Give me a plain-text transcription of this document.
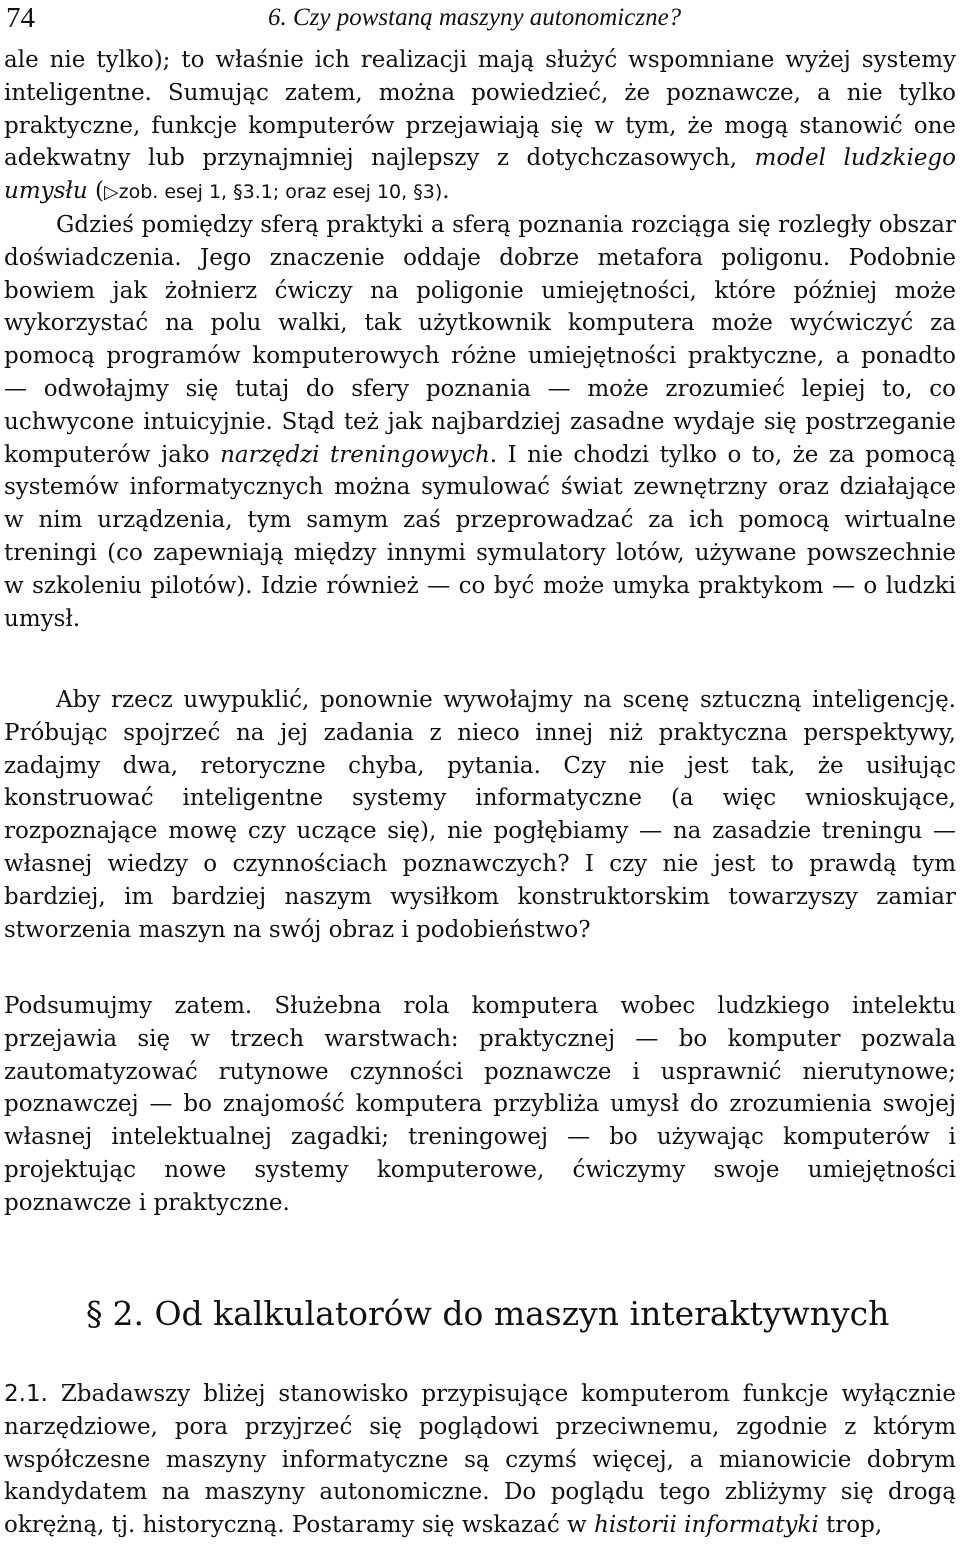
74	6. Czy powstaną maszyny autonomiczne?

ale nie tylko); to właśnie ich realizacji mają służyć wspomniane wyżej systemy inteligentne. Sumując zatem, można powiedzieć, że poznawcze, a nie tylko praktyczne, funkcje komputerów przejawiają się w tym, że mogą stanowić one adekwatny lub przynajmniej najlepszy z dotychczasowych, model ludzkiego umysłu (▷zob. esej 1, §3.1; oraz esej 10, §3).

Gdzieś pomiędzy sferą praktyki a sferą poznania rozciąga się rozległy obszar doświadczenia. Jego znaczenie oddaje dobrze metafora poligonu. Podobnie bowiem jak żołnierz ćwiczy na poligonie umiejętności, które później może wykorzystać na polu walki, tak użytkownik komputera może wyćwiczyć za pomocą programów komputerowych różne umiejętności praktyczne, a ponadto — odwołajmy się tutaj do sfery poznania — może zrozumieć lepiej to, co uchwycone intuicyjnie. Stąd też jak najbardziej zasadne wydaje się postrzeganie komputerów jako narzędzi treningowych. I nie chodzi tylko o to, że za pomocą systemów informatycznych można symulować świat zewnętrzny oraz działające w nim urządzenia, tym samym zaś przeprowadzać za ich pomocą wirtualne treningi (co zapewniają między innymi symulatory lotów, używane powszechnie w szkoleniu pilotów). Idzie również — co być może umyka praktykom — o ludzki umysł.

Aby rzecz uwypuklić, ponownie wywołajmy na scenę sztuczną inteligencję. Próbując spojrzeć na jej zadania z nieco innej niż praktyczna perspektywy, zadajmy dwa, retoryczne chyba, pytania. Czy nie jest tak, że usiłując konstruować inteligentne systemy informatyczne (a więc wnioskujące, rozpoznające mowę czy uczące się), nie pogłębiamy — na zasadzie treningu — własnej wiedzy o czynnościach poznawczych? I czy nie jest to prawdą tym bardziej, im bardziej naszym wysiłkom konstruktorskim towarzyszy zamiar stworzenia maszyn na swój obraz i podobieństwo?

Podsumujmy zatem. Służebna rola komputera wobec ludzkiego intelektu przejawia się w trzech warstwach: praktycznej — bo komputer pozwala zautomatyzować rutynowe czynności poznawcze i usprawnić nierutynowe; poznawczej — bo znajomość komputera przybliża umysł do zrozumienia swojej własnej intelektualnej zagadki; treningowej — bo używając komputerów i projektując nowe systemy komputerowe, ćwiczymy swoje umiejętności poznawcze i praktyczne.

§ 2. Od kalkulatorów do maszyn interaktywnych

2.1. Zbadawszy bliżej stanowisko przypisujące komputerom funkcje wyłącznie narzędziowe, pora przyjrzeć się poglądowi przeciwnemu, zgodnie z którym współczesne maszyny informatyczne są czymś więcej, a mianowicie dobrym kandydatem na maszyny autonomiczne. Do poglądu tego zbliżymy się drogą okrężną, tj. historyczną. Postaramy się wskazać w historii informatyki trop,
